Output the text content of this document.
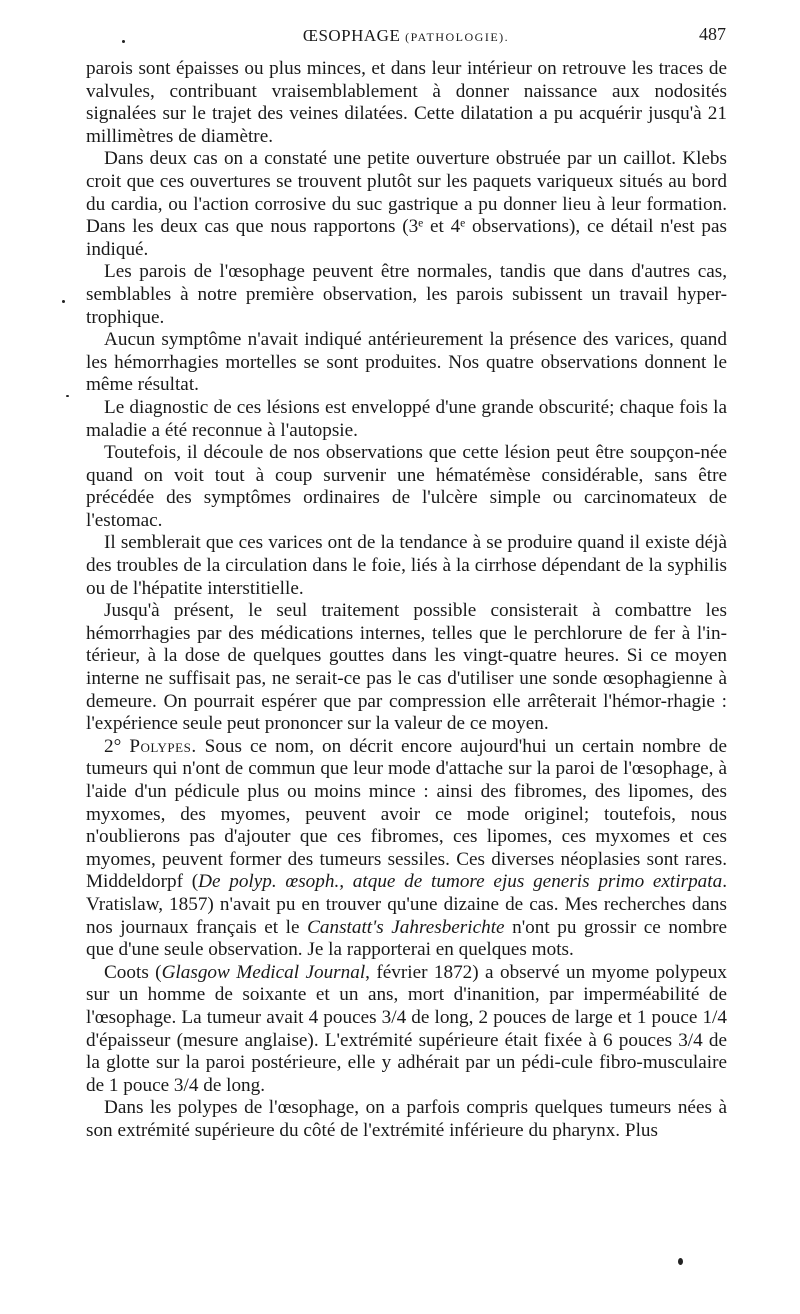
ŒSOPHAGE (PATHOLOGIE).	487

parois sont épaisses ou plus minces, et dans leur intérieur on retrouve les traces de valvules, contribuant vraisemblablement à donner naissance aux nodosités signalées sur le trajet des veines dilatées. Cette dilatation a pu acquérir jusqu'à 21 millimètres de diamètre.

Dans deux cas on a constaté une petite ouverture obstruée par un caillot. Klebs croit que ces ouvertures se trouvent plutôt sur les paquets variqueux situés au bord du cardia, ou l'action corrosive du suc gastrique a pu donner lieu à leur formation. Dans les deux cas que nous rapportons (3ᵉ et 4ᵉ observations), ce détail n'est pas indiqué.

Les parois de l'œsophage peuvent être normales, tandis que dans d'autres cas, semblables à notre première observation, les parois subissent un travail hyper-trophique.

Aucun symptôme n'avait indiqué antérieurement la présence des varices, quand les hémorrhagies mortelles se sont produites. Nos quatre observations donnent le même résultat.

Le diagnostic de ces lésions est enveloppé d'une grande obscurité; chaque fois la maladie a été reconnue à l'autopsie.

Toutefois, il découle de nos observations que cette lésion peut être soupçon-née quand on voit tout à coup survenir une hématémèse considérable, sans être précédée des symptômes ordinaires de l'ulcère simple ou carcinomateux de l'estomac.

Il semblerait que ces varices ont de la tendance à se produire quand il existe déjà des troubles de la circulation dans le foie, liés à la cirrhose dépendant de la syphilis ou de l'hépatite interstitielle.

Jusqu'à présent, le seul traitement possible consisterait à combattre les hémorrhagies par des médications internes, telles que le perchlorure de fer à l'in-térieur, à la dose de quelques gouttes dans les vingt-quatre heures. Si ce moyen interne ne suffisait pas, ne serait-ce pas le cas d'utiliser une sonde œsophagienne à demeure. On pourrait espérer que par compression elle arrêterait l'hémor-rhagie : l'expérience seule peut prononcer sur la valeur de ce moyen.

2° Polypes. Sous ce nom, on décrit encore aujourd'hui un certain nombre de tumeurs qui n'ont de commun que leur mode d'attache sur la paroi de l'œsophage, à l'aide d'un pédicule plus ou moins mince : ainsi des fibromes, des lipomes, des myxomes, des myomes, peuvent avoir ce mode originel; toutefois, nous n'oublierons pas d'ajouter que ces fibromes, ces lipomes, ces myxomes et ces myomes, peuvent former des tumeurs sessiles. Ces diverses néoplasies sont rares. Middeldorpf (De polyp. œsoph., atque de tumore ejus generis primo extirpata. Vratislaw, 1857) n'avait pu en trouver qu'une dizaine de cas. Mes recherches dans nos journaux français et le Canstatt's Jahresberichte n'ont pu grossir ce nombre que d'une seule observation. Je la rapporterai en quelques mots.

Coots (Glasgow Medical Journal, février 1872) a observé un myome polypeux sur un homme de soixante et un ans, mort d'inanition, par imperméabilité de l'œsophage. La tumeur avait 4 pouces 3/4 de long, 2 pouces de large et 1 pouce 1/4 d'épaisseur (mesure anglaise). L'extrémité supérieure était fixée à 6 pouces 3/4 de la glotte sur la paroi postérieure, elle y adhérait par un pédi-cule fibro-musculaire de 1 pouce 3/4 de long.

Dans les polypes de l'œsophage, on a parfois compris quelques tumeurs nées à son extrémité supérieure du côté de l'extrémité inférieure du pharynx. Plus
